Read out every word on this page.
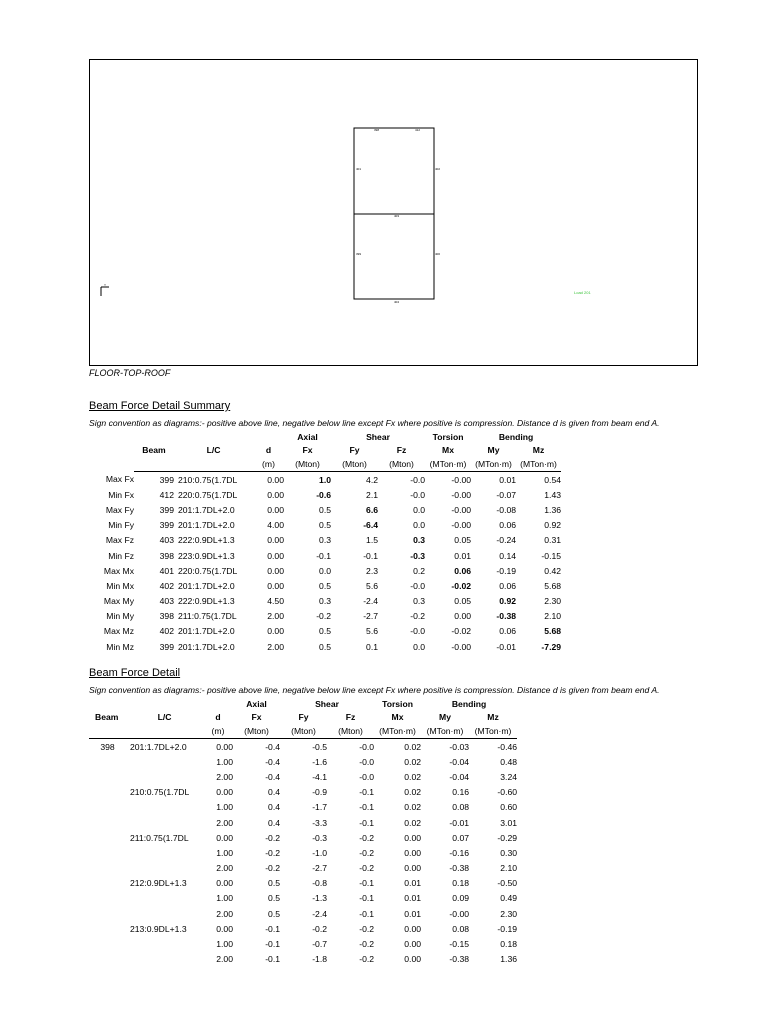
398	412
401	402
403
399	400
404
Y
Load 201
FLOOR-TOP-ROOF
Beam Force Detail Summary
Sign convention as diagrams:- positive above line, negative below line except Fx where positive is compression. Distance d is given from beam end A.
				Axial	Shear		Torsion	Bending	
	Beam	L/C	d	Fx	Fy	Fz	Mx	My	Mz
			(m)	(Mton)	(Mton)	(Mton)	(MTon·m)	(MTon·m)	(MTon·m)
Max Fx	399	210:0.75(1.7DL	0.00	1.0	4.2	-0.0	-0.00	0.01	0.54
Min Fx	412	220:0.75(1.7DL	0.00	-0.6	2.1	-0.0	-0.00	-0.07	1.43
Max Fy	399	201:1.7DL+2.0	0.00	0.5	6.6	0.0	-0.00	-0.08	1.36
Min Fy	399	201:1.7DL+2.0	4.00	0.5	-6.4	0.0	-0.00	0.06	0.92
Max Fz	403	222:0.9DL+1.3	0.00	0.3	1.5	0.3	0.05	-0.24	0.31
Min Fz	398	223:0.9DL+1.3	0.00	-0.1	-0.1	-0.3	0.01	0.14	-0.15
Max Mx	401	220:0.75(1.7DL	0.00	0.0	2.3	0.2	0.06	-0.19	0.42
Min Mx	402	201:1.7DL+2.0	0.00	0.5	5.6	-0.0	-0.02	0.06	5.68
Max My	403	222:0.9DL+1.3	4.50	0.3	-2.4	0.3	0.05	0.92	2.30
Min My	398	211:0.75(1.7DL	2.00	-0.2	-2.7	-0.2	0.00	-0.38	2.10
Max Mz	402	201:1.7DL+2.0	0.00	0.5	5.6	-0.0	-0.02	0.06	5.68
Min Mz	399	201:1.7DL+2.0	2.00	0.5	0.1	0.0	-0.00	-0.01	-7.29
Beam Force Detail
Sign convention as diagrams:- positive above line, negative below line except Fx where positive is compression. Distance d is given from beam end A.
			Axial	Shear		Torsion	Bending	
Beam	L/C	d	Fx	Fy	Fz	Mx	My	Mz
		(m)	(Mton)	(Mton)	(Mton)	(MTon·m)	(MTon·m)	(MTon·m)
398	201:1.7DL+2.0	0.00	-0.4	-0.5	-0.0	0.02	-0.03	-0.46
		1.00	-0.4	-1.6	-0.0	0.02	-0.04	0.48
		2.00	-0.4	-4.1	-0.0	0.02	-0.04	3.24
	210:0.75(1.7DL	0.00	0.4	-0.9	-0.1	0.02	0.16	-0.60
		1.00	0.4	-1.7	-0.1	0.02	0.08	0.60
		2.00	0.4	-3.3	-0.1	0.02	-0.01	3.01
	211:0.75(1.7DL	0.00	-0.2	-0.3	-0.2	0.00	0.07	-0.29
		1.00	-0.2	-1.0	-0.2	0.00	-0.16	0.30
		2.00	-0.2	-2.7	-0.2	0.00	-0.38	2.10
	212:0.9DL+1.3	0.00	0.5	-0.8	-0.1	0.01	0.18	-0.50
		1.00	0.5	-1.3	-0.1	0.01	0.09	0.49
		2.00	0.5	-2.4	-0.1	0.01	-0.00	2.30
	213:0.9DL+1.3	0.00	-0.1	-0.2	-0.2	0.00	0.08	-0.19
		1.00	-0.1	-0.7	-0.2	0.00	-0.15	0.18
		2.00	-0.1	-1.8	-0.2	0.00	-0.38	1.36
